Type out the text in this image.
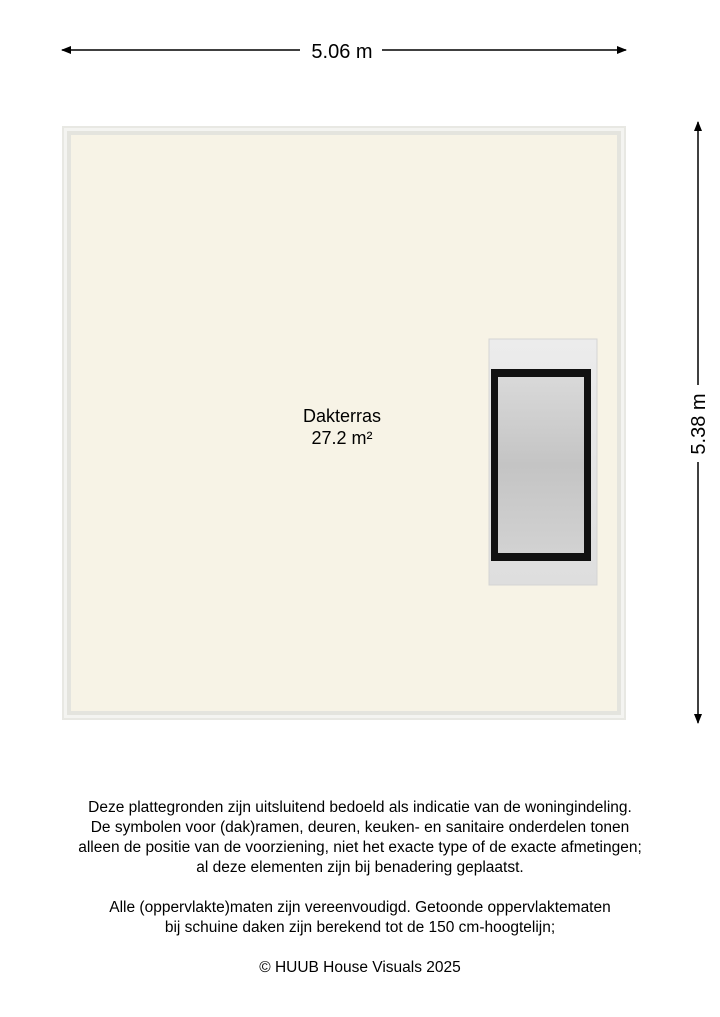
5.06 m
5.38 m
Dakterras
27.2 m²

Deze plattegronden zijn uitsluitend bedoeld als indicatie van de woningindeling.

De symbolen voor (dak)ramen, deuren, keuken- en sanitaire onderdelen tonen

alleen de positie van de voorziening, niet het exacte type of de exacte afmetingen;

al deze elementen zijn bij benadering geplaatst.

Alle (oppervlakte)maten zijn vereenvoudigd. Getoonde oppervlaktematen

bij schuine daken zijn berekend tot de 150 cm-hoogtelijn;

© HUUB House Visuals 2025
